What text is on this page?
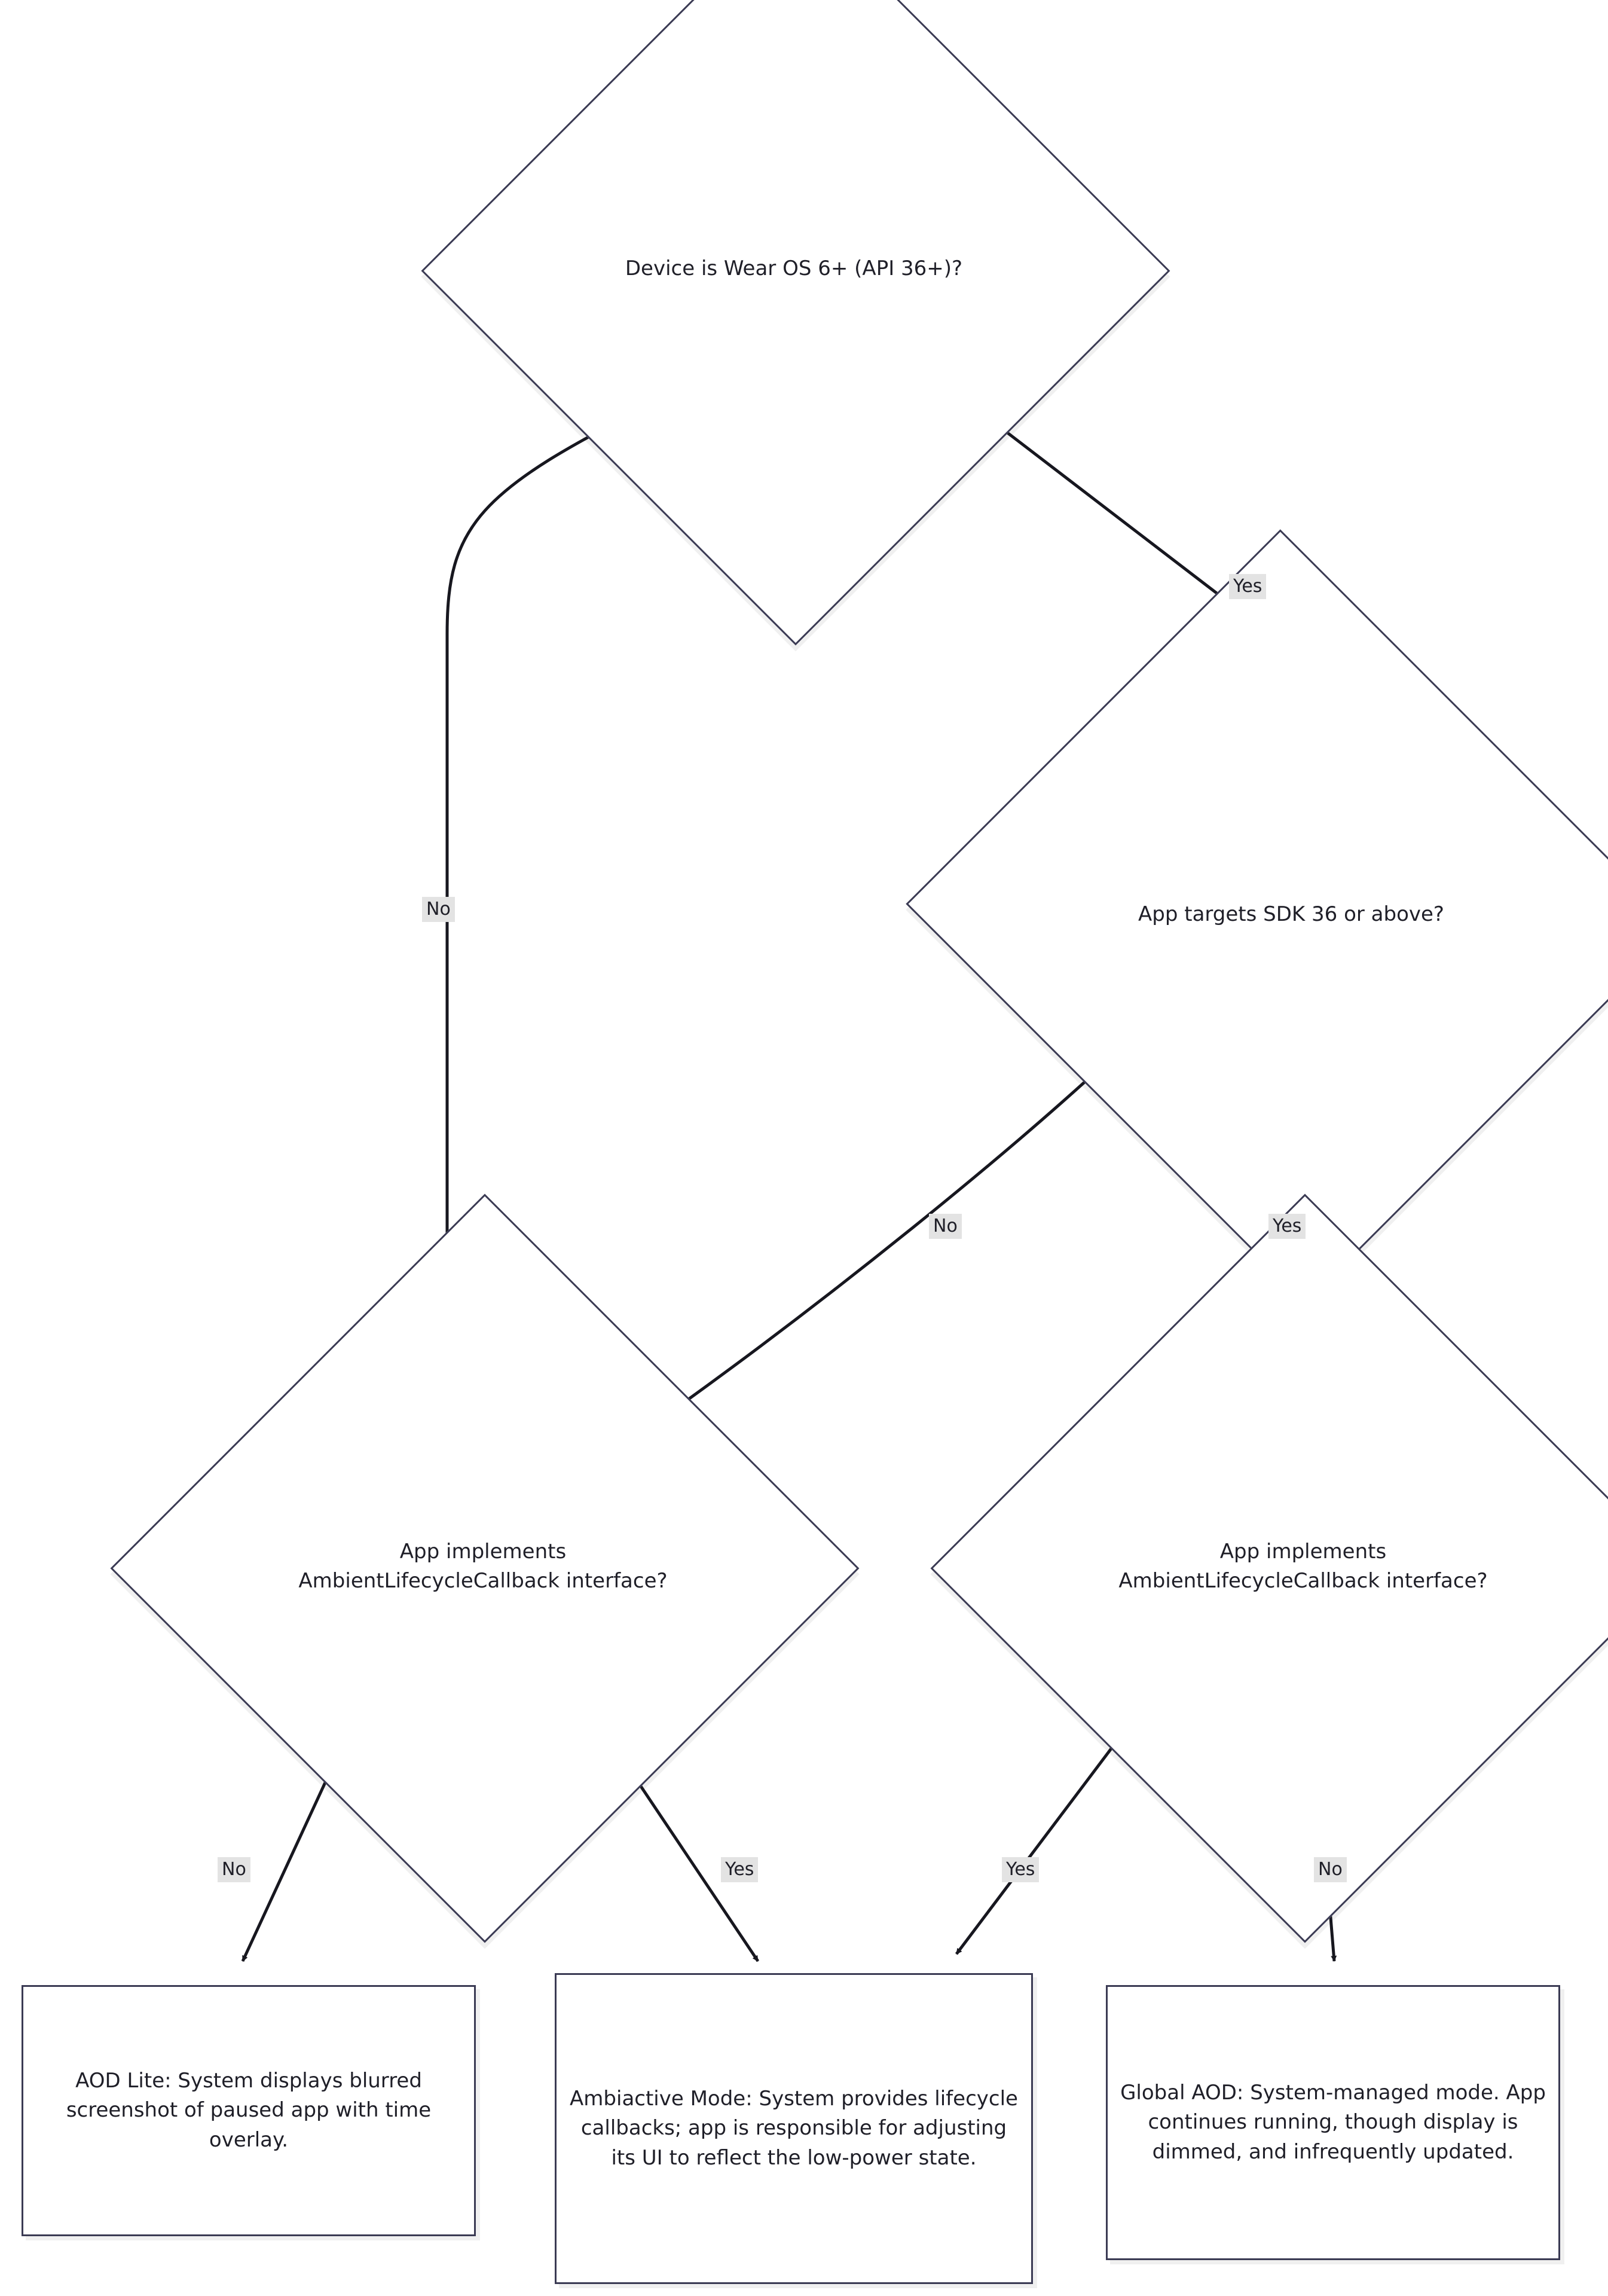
Device is Wear OS 6+ (API 36+)?
App targets SDK 36 or above?
App implements AmbientLifecycleCallback interface?
App implements AmbientLifecycleCallback interface?
AOD Lite: System displays blurred screenshot of paused app with time overlay.
Ambiactive Mode: System provides lifecycle callbacks; app is responsible for adjusting its UI to reflect the low-power state.
Global AOD: System-managed mode. App continues running, though display is dimmed, and infrequently updated.
No
Yes
No	Yes
No	Yes	Yes	No
